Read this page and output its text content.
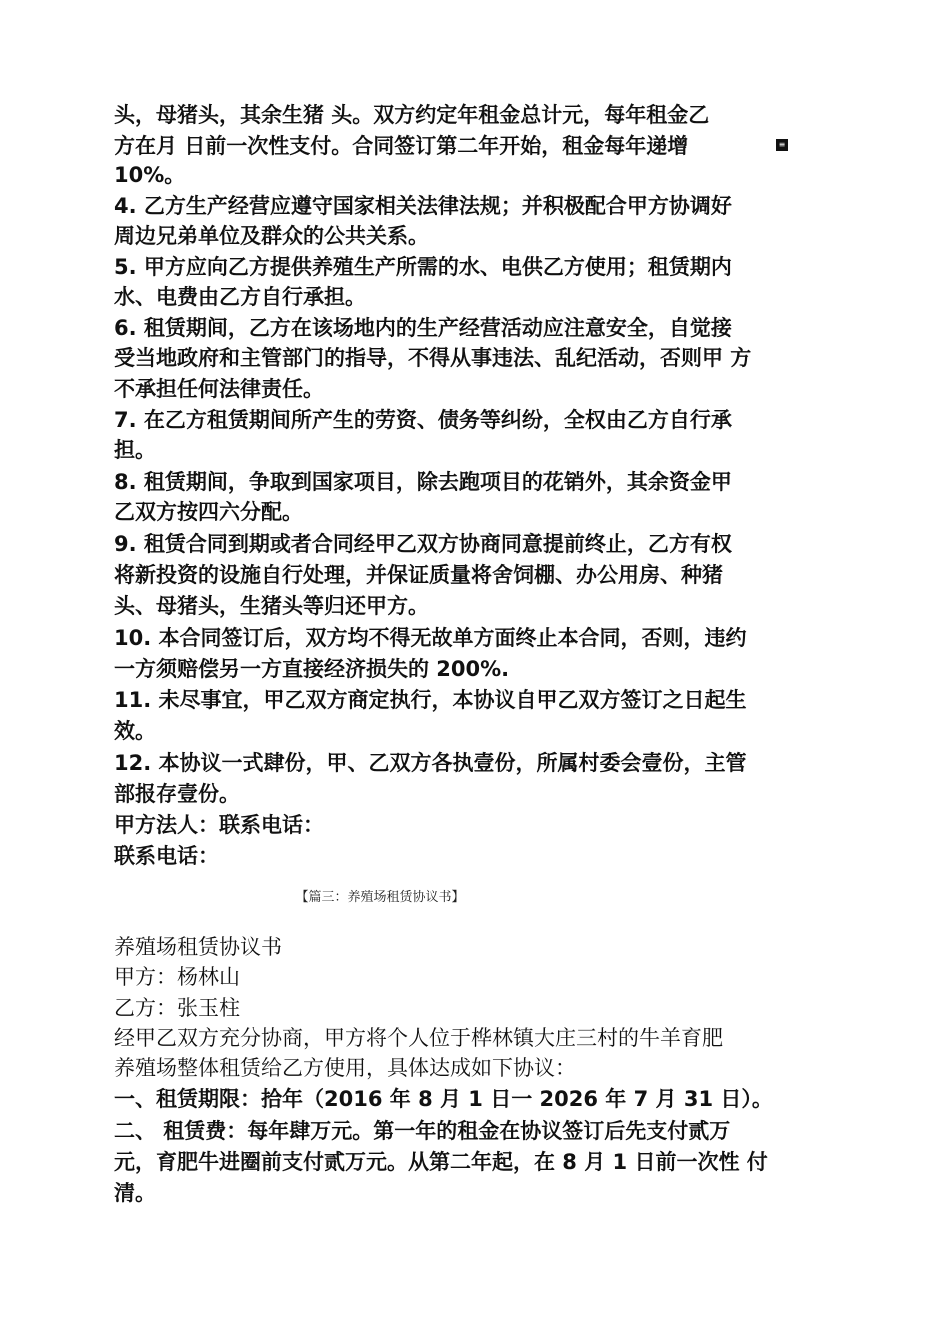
头，母猪头，其余生猪 头。双方约定年租金总计元，每年租金乙
方在月 日前一次性支付。合同签订第二年开始，租金每年递增
10%。
4. 乙方生产经营应遵守国家相关法律法规；并积极配合甲方协调好
周边兄弟单位及群众的公共关系。
5. 甲方应向乙方提供养殖生产所需的水、电供乙方使用；租赁期内
水、电费由乙方自行承担。
6. 租赁期间，乙方在该场地内的生产经营活动应注意安全，自觉接
受当地政府和主管部门的指导，不得从事违法、乱纪活动，否则甲 方
不承担任何法律责任。
7. 在乙方租赁期间所产生的劳资、债务等纠纷，全权由乙方自行承
担。
8. 租赁期间，争取到国家项目，除去跑项目的花销外，其余资金甲
乙双方按四六分配。
9. 租赁合同到期或者合同经甲乙双方协商同意提前终止，乙方有权
将新投资的设施自行处理，并保证质量将舍饲棚、办公用房、种猪
头、母猪头，生猪头等归还甲方。
10. 本合同签订后，双方均不得无故单方面终止本合同，否则，违约
一方须赔偿另一方直接经济损失的 200%.
11. 未尽事宜，甲乙双方商定执行，本协议自甲乙双方签订之日起生
效。
12. 本协议一式肆份，甲、乙双方各执壹份，所属村委会壹份，主管
部报存壹份。
甲方法人：联系电话：
联系电话：
≡
【篇三：养殖场租赁协议书】
养殖场租赁协议书
甲方：杨林山
乙方：张玉柱
经甲乙双方充分协商，甲方将个人位于桦林镇大庄三村的牛羊育肥
养殖场整体租赁给乙方使用，具体达成如下协议：
一、租赁期限：拾年（2016 年 8 月 1 日一 2026 年 7 月 31 日）。
二、 租赁费：每年肆万元。第一年的租金在协议签订后先支付贰万
元，育肥牛进圈前支付贰万元。从第二年起，在 8 月 1 日前一次性 付
清。
